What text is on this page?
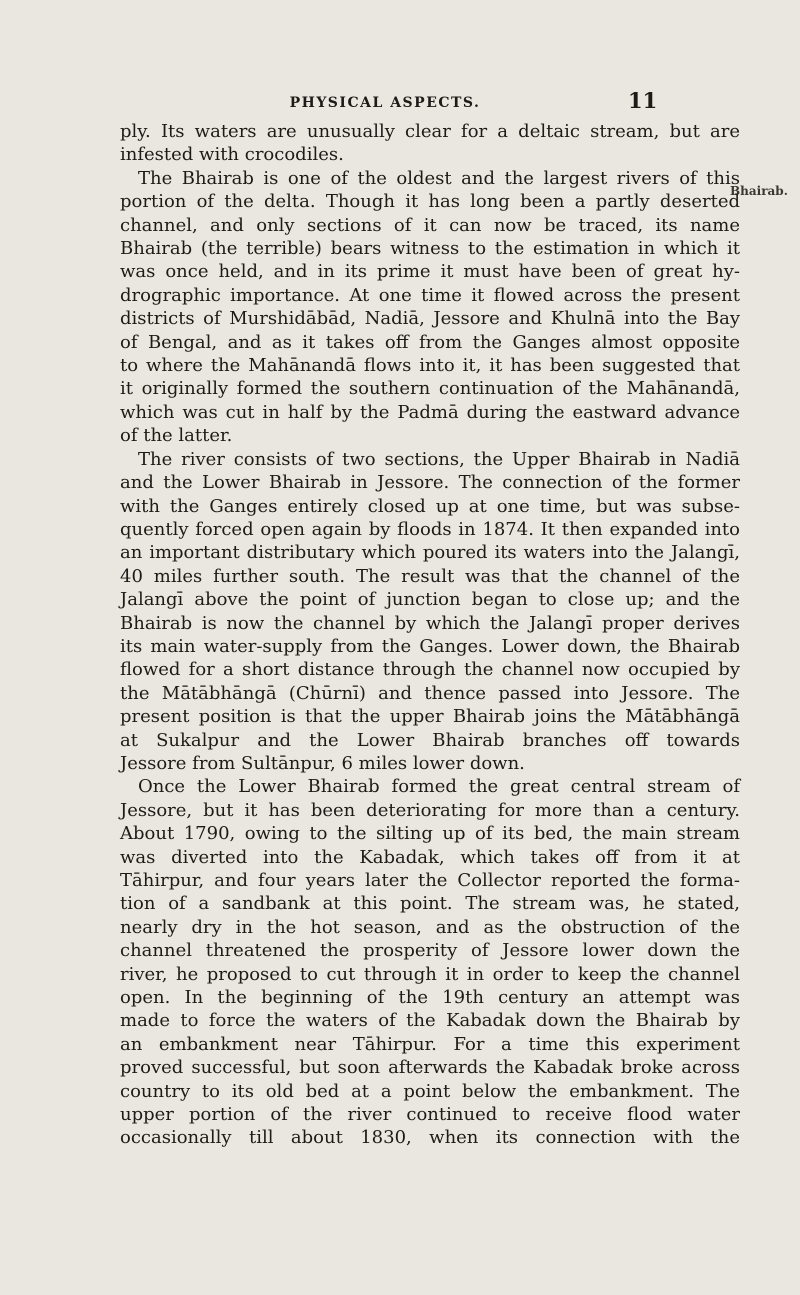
PHYSICAL ASPECTS.	11
Bhairab.
ply. Its waters are unusually clear for a deltaic stream, but are
infested with crocodiles.
The Bhairab is one of the oldest and the largest rivers of this
portion of the delta. Though it has long been a partly deserted
channel, and only sections of it can now be traced, its name
Bhairab (the terrible) bears witness to the estimation in which it
was once held, and in its prime it must have been of great hy-
drographic importance. At one time it flowed across the present
districts of Murshidābād, Nadiā, Jessore and Khulnā into the Bay
of Bengal, and as it takes off from the Ganges almost opposite
to where the Mahānandā flows into it, it has been suggested that
it originally formed the southern continuation of the Mahānandā,
which was cut in half by the Padmā during the eastward advance
of the latter.
The river consists of two sections, the Upper Bhairab in Nadiā
and the Lower Bhairab in Jessore. The connection of the former
with the Ganges entirely closed up at one time, but was subse-
quently forced open again by floods in 1874. It then expanded into
an important distributary which poured its waters into the Jalangī,
40 miles further south. The result was that the channel of the
Jalangī above the point of junction began to close up; and the
Bhairab is now the channel by which the Jalangī proper derives
its main water-supply from the Ganges. Lower down, the Bhairab
flowed for a short distance through the channel now occupied by
the Mātābhāngā (Chūrnī) and thence passed into Jessore. The
present position is that the upper Bhairab joins the Mātābhāngā
at Sukalpur and the Lower Bhairab branches off towards
Jessore from Sultānpur, 6 miles lower down.
Once the Lower Bhairab formed the great central stream of
Jessore, but it has been deteriorating for more than a century.
About 1790, owing to the silting up of its bed, the main stream
was diverted into the Kabadak, which takes off from it at
Tāhirpur, and four years later the Collector reported the forma-
tion of a sandbank at this point. The stream was, he stated,
nearly dry in the hot season, and as the obstruction of the
channel threatened the prosperity of Jessore lower down the
river, he proposed to cut through it in order to keep the channel
open. In the beginning of the 19th century an attempt was
made to force the waters of the Kabadak down the Bhairab by
an embankment near Tāhirpur. For a time this experiment
proved successful, but soon afterwards the Kabadak broke across
country to its old bed at a point below the embankment. The
upper portion of the river continued to receive flood water
occasionally till about 1830, when its connection with the
